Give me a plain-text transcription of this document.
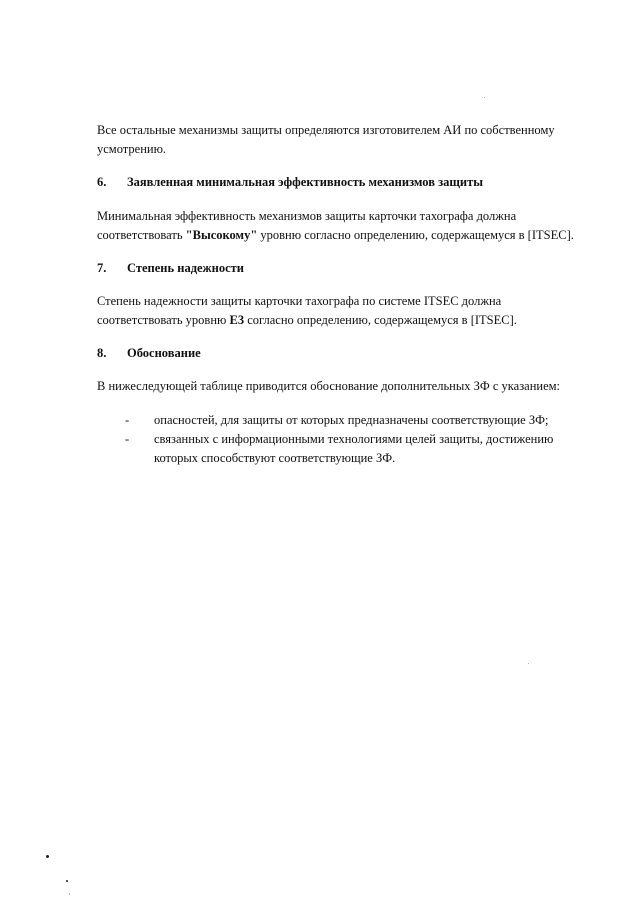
Все остальные механизмы защиты определяются изготовителем АИ по собственному усмотрению.

6.	Заявленная минимальная эффективность механизмов защиты

Минимальная эффективность механизмов защиты карточки тахографа должна соответствовать "Высокому" уровню согласно определению, содержащемуся в [ITSEC].

7.	Степень надежности

Степень надежности защиты карточки тахографа по системе ITSEC должна соответствовать уровню E3 согласно определению, содержащемуся в [ITSEC].

8.	Обоснование

В нижеследующей таблице приводится обоснование дополнительных ЗФ с указанием:

-	опасностей, для защиты от которых предназначены соответствующие ЗФ;
-	связанных с информационными технологиями целей защиты, достижению которых способствуют соответствующие ЗФ.
